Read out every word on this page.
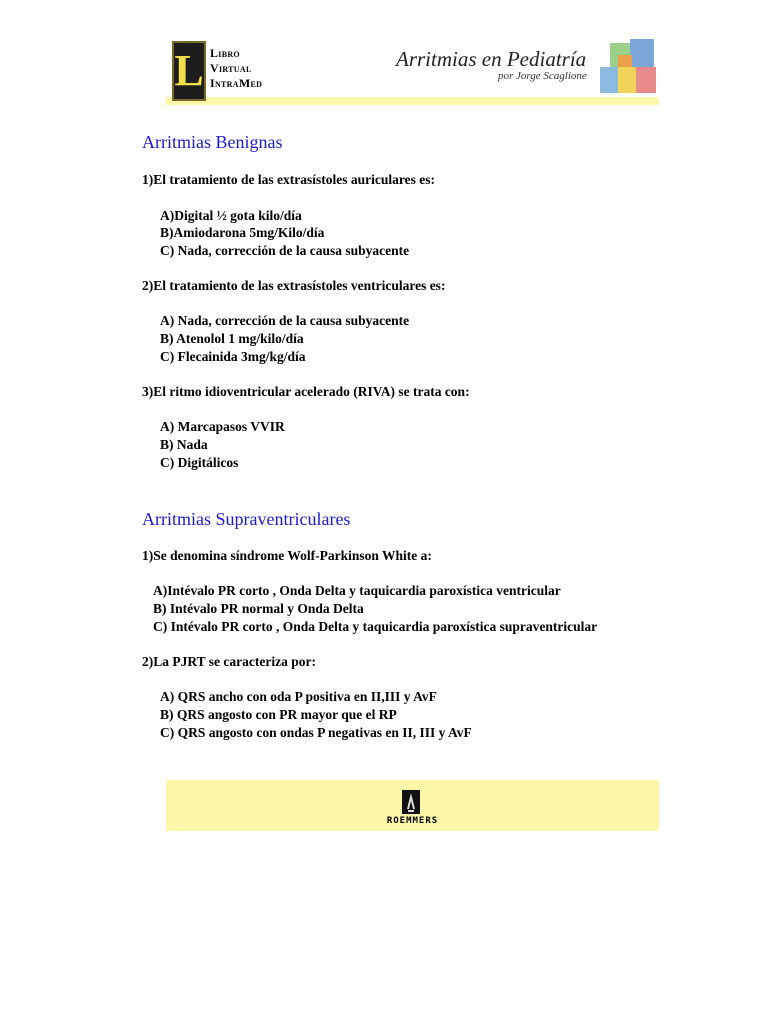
L Libro
Virtual
IntraMed
Arritmias en Pediatría
por Jorge Scaglione
Arritmias Benignas
1)El tratamiento de las extrasístoles auriculares es:
A)Digital ½ gota kilo/día
B)Amiodarona 5mg/Kilo/día
C) Nada, corrección de la causa subyacente
2)El tratamiento de las extrasístoles ventriculares es:
A) Nada, corrección de la causa subyacente
B) Atenolol 1 mg/kilo/día
C) Flecainida 3mg/kg/día
3)El ritmo idioventricular acelerado (RIVA) se trata con:
A) Marcapasos VVIR
B) Nada
C) Digitálicos
Arritmias Supraventriculares
1)Se denomina síndrome Wolf-Parkinson White a:
A)Intévalo PR corto , Onda Delta y taquicardia paroxística ventricular
B) Intévalo PR normal y Onda Delta
C) Intévalo PR corto , Onda Delta y taquicardia paroxística supraventricular
2)La PJRT se caracteriza por:
A) QRS ancho con oda P positiva en II,III y AvF
B) QRS angosto con PR mayor que el RP
C) QRS angosto con ondas P negativas en II, III y AvF
ROEMMERS
